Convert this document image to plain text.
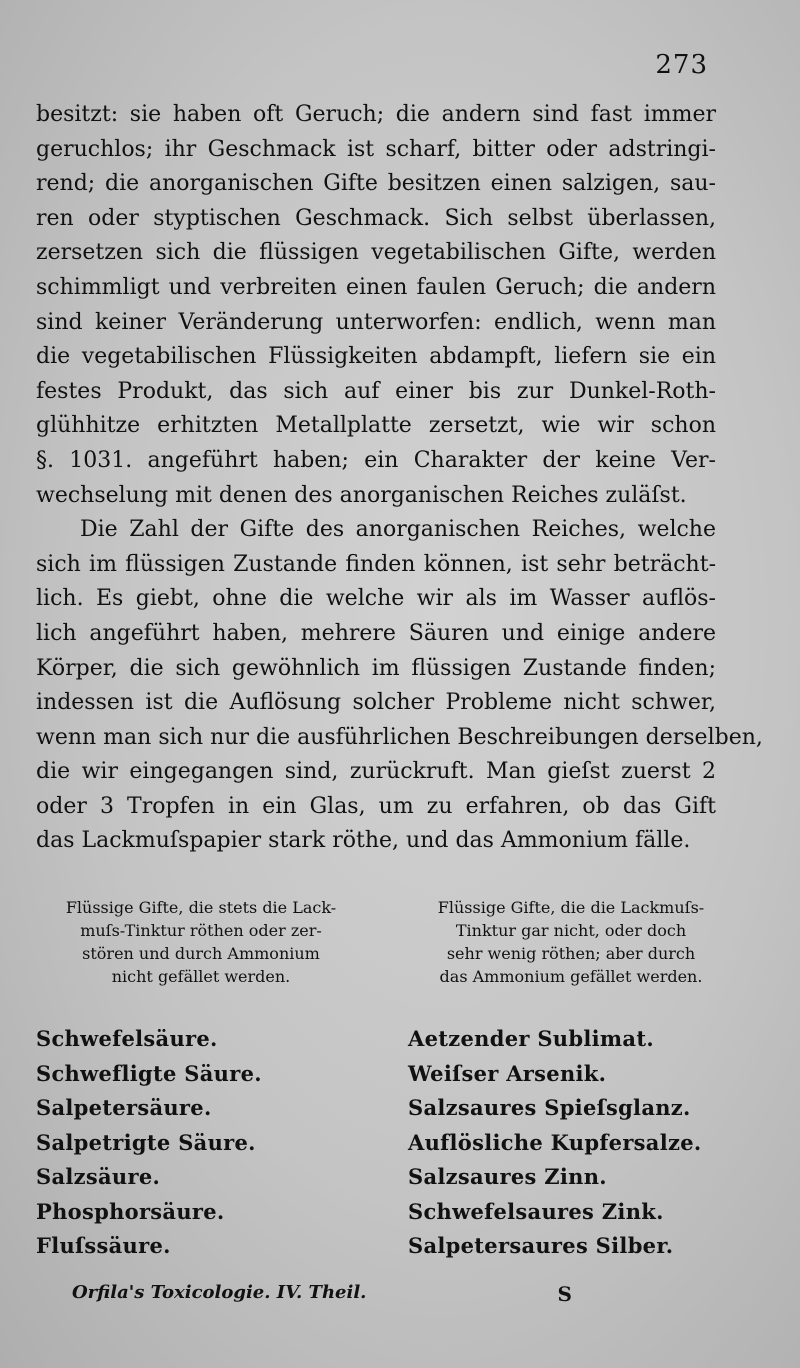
273
besitzt: sie haben oft Geruch; die andern sind fast immer
geruchlos; ihr Geschmack ist scharf, bitter oder adstringi-
rend; die anorganischen Gifte besitzen einen salzigen, sau-
ren oder styptischen Geschmack. Sich selbst überlassen,
zersetzen sich die flüssigen vegetabilischen Gifte, werden
schimmligt und verbreiten einen faulen Geruch; die andern
sind keiner Veränderung unterworfen: endlich, wenn man
die vegetabilischen Flüssigkeiten abdampft, liefern sie ein
festes Produkt, das sich auf einer bis zur Dunkel-Roth-
glühhitze erhitzten Metallplatte zersetzt, wie wir schon
§. 1031. angeführt haben; ein Charakter der keine Ver-
wechselung mit denen des anorganischen Reiches zuläſst.
Die Zahl der Gifte des anorganischen Reiches, welche
sich im flüssigen Zustande finden können, ist sehr beträcht-
lich. Es giebt, ohne die welche wir als im Wasser auflös-
lich angeführt haben, mehrere Säuren und einige andere
Körper, die sich gewöhnlich im flüssigen Zustande finden;
indessen ist die Auflösung solcher Probleme nicht schwer,
wenn man sich nur die ausführlichen Beschreibungen derselben,
die wir eingegangen sind, zurückruft. Man gieſst zuerst 2
oder 3 Tropfen in ein Glas, um zu erfahren, ob das Gift
das Lackmuſspapier stark röthe, und das Ammonium fälle.
Flüssige Gifte, die stets die Lack-
muſs-Tinktur röthen oder zer-
stören und durch Ammonium
nicht gefället werden.
Schwefelsäure.
Schwefligte Säure.
Salpetersäure.
Salpetrigte Säure.
Salzsäure.
Phosphorsäure.
Fluſssäure.
Flüssige Gifte, die die Lackmuſs-
Tinktur gar nicht, oder doch
sehr wenig röthen; aber durch
das Ammonium gefället werden.
Aetzender Sublimat.
Weiſser Arsenik.
Salzsaures Spieſsglanz.
Auflösliche Kupfersalze.
Salzsaures Zinn.
Schwefelsaures Zink.
Salpetersaures Silber.
Orfila's Toxicologie. IV. Theil.	S
